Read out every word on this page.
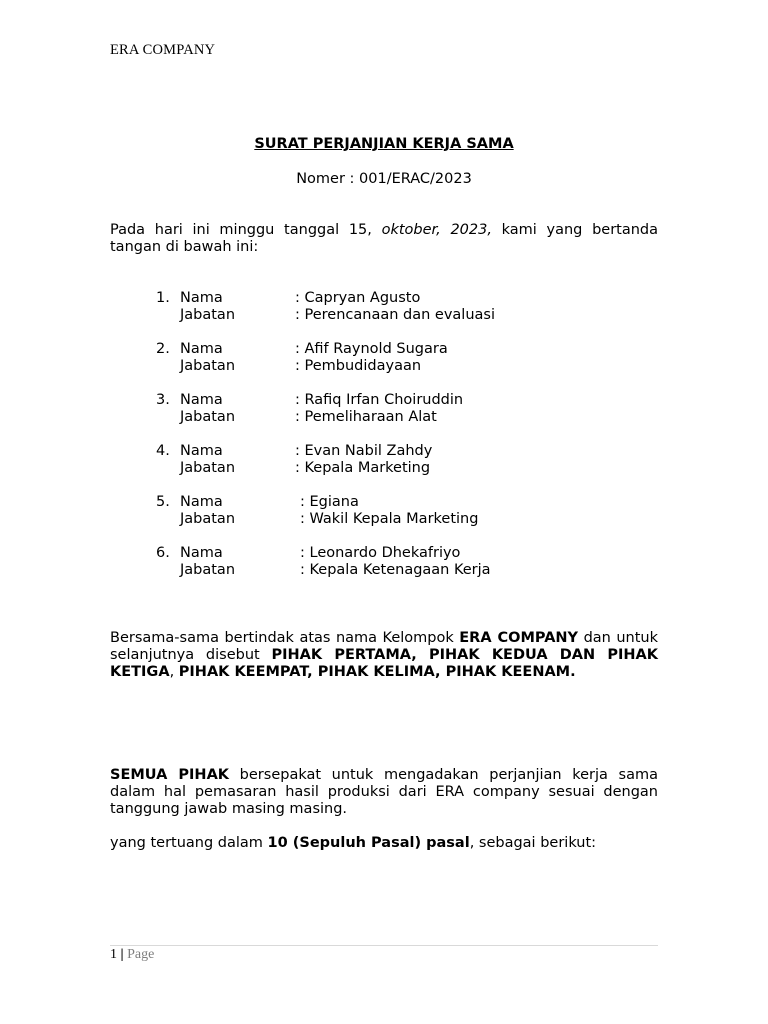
ERA COMPANY
SURAT PERJANJIAN KERJA SAMA
Nomer : 001/ERAC/2023
Pada hari ini minggu tanggal 15, oktober, 2023, kami yang bertanda tangan di bawah ini:
1. Nama	: Capryan Agusto
Jabatan	: Perencanaan dan evaluasi
2. Nama	: Afif Raynold Sugara
Jabatan	: Pembudidayaan
3. Nama	: Rafiq Irfan Choiruddin
Jabatan	: Pemeliharaan Alat
4. Nama	: Evan Nabil Zahdy
Jabatan	: Kepala Marketing
5. Nama	: Egiana
Jabatan	: Wakil Kepala Marketing
6. Nama	: Leonardo Dhekafriyo
Jabatan	: Kepala Ketenagaan Kerja
Bersama-sama bertindak atas nama Kelompok ERA COMPANY dan untuk selanjutnya disebut PIHAK PERTAMA, PIHAK KEDUA DAN PIHAK KETIGA, PIHAK KEEMPAT, PIHAK KELIMA, PIHAK KEENAM.
SEMUA PIHAK bersepakat untuk mengadakan perjanjian kerja sama dalam hal pemasaran hasil produksi dari ERA company sesuai dengan tanggung jawab masing masing.
yang tertuang dalam 10 (Sepuluh Pasal) pasal, sebagai berikut:
1 | Page
